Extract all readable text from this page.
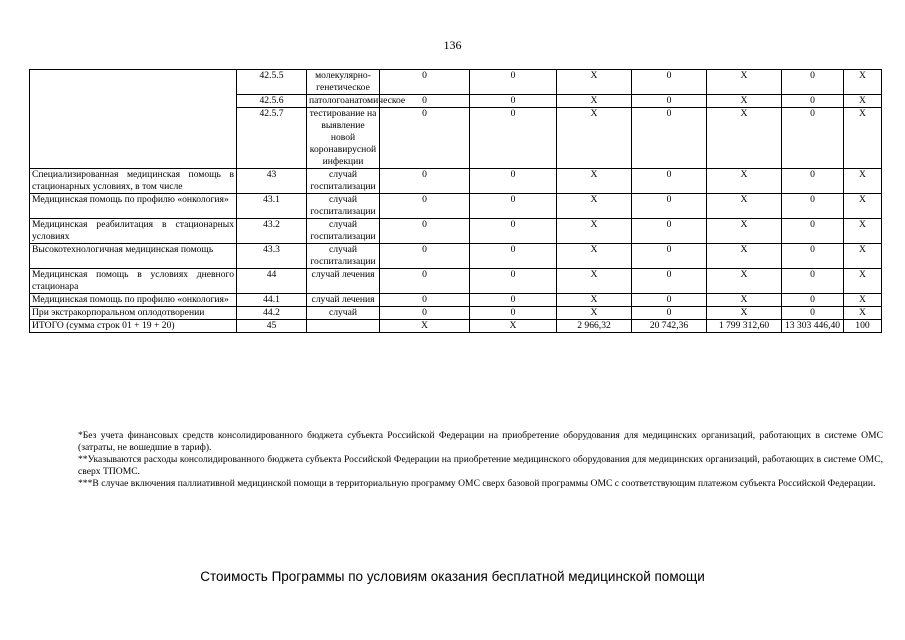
136
	42.5.5	молекулярно-генетическое	0	0	Х	0	Х	0	Х
	42.5.6	патологоанатомическое	0	0	Х	0	Х	0	Х
	42.5.7	тестирование на выявление новой коронавирусной инфекции	0	0	Х	0	Х	0	Х
Специализированная медицинская помощь в стационарных условиях, в том числе	43	случай госпитализации	0	0	Х	0	Х	0	Х
Медицинская помощь по профилю «онкология»	43.1	случай госпитализации	0	0	Х	0	Х	0	Х
Медицинская реабилитация в стационарных условиях	43.2	случай госпитализации	0	0	Х	0	Х	0	Х
Высокотехнологичная медицинская помощь	43.3	случай госпитализации	0	0	Х	0	Х	0	Х
Медицинская помощь в условиях дневного стационара	44	случай лечения	0	0	Х	0	Х	0	Х
Медицинская помощь по профилю «онкология»	44.1	случай лечения	0	0	Х	0	Х	0	Х
При экстракорпоральном оплодотворении	44.2	случай	0	0	Х	0	Х	0	Х
ИТОГО (сумма строк 01 + 19 + 20)	45		Х	Х	2 966,32	20 742,36	1 799 312,60	13 303 446,40	100

*Без учета финансовых средств консолидированного бюджета субъекта Российской Федерации на приобретение оборудования для медицинских организаций, работающих в системе ОМС (затраты, не вошедшие в тариф).

**Указываются расходы консолидированного бюджета субъекта Российской Федерации на приобретение медицинского оборудования для медицинских организаций, работающих в системе ОМС, сверх ТПОМС.

***В случае включения паллиативной медицинской помощи в территориальную программу ОМС сверх базовой программы ОМС с соответствующим платежом субъекта Российской Федерации.

Стоимость Программы по условиям оказания бесплатной медицинской помощи
